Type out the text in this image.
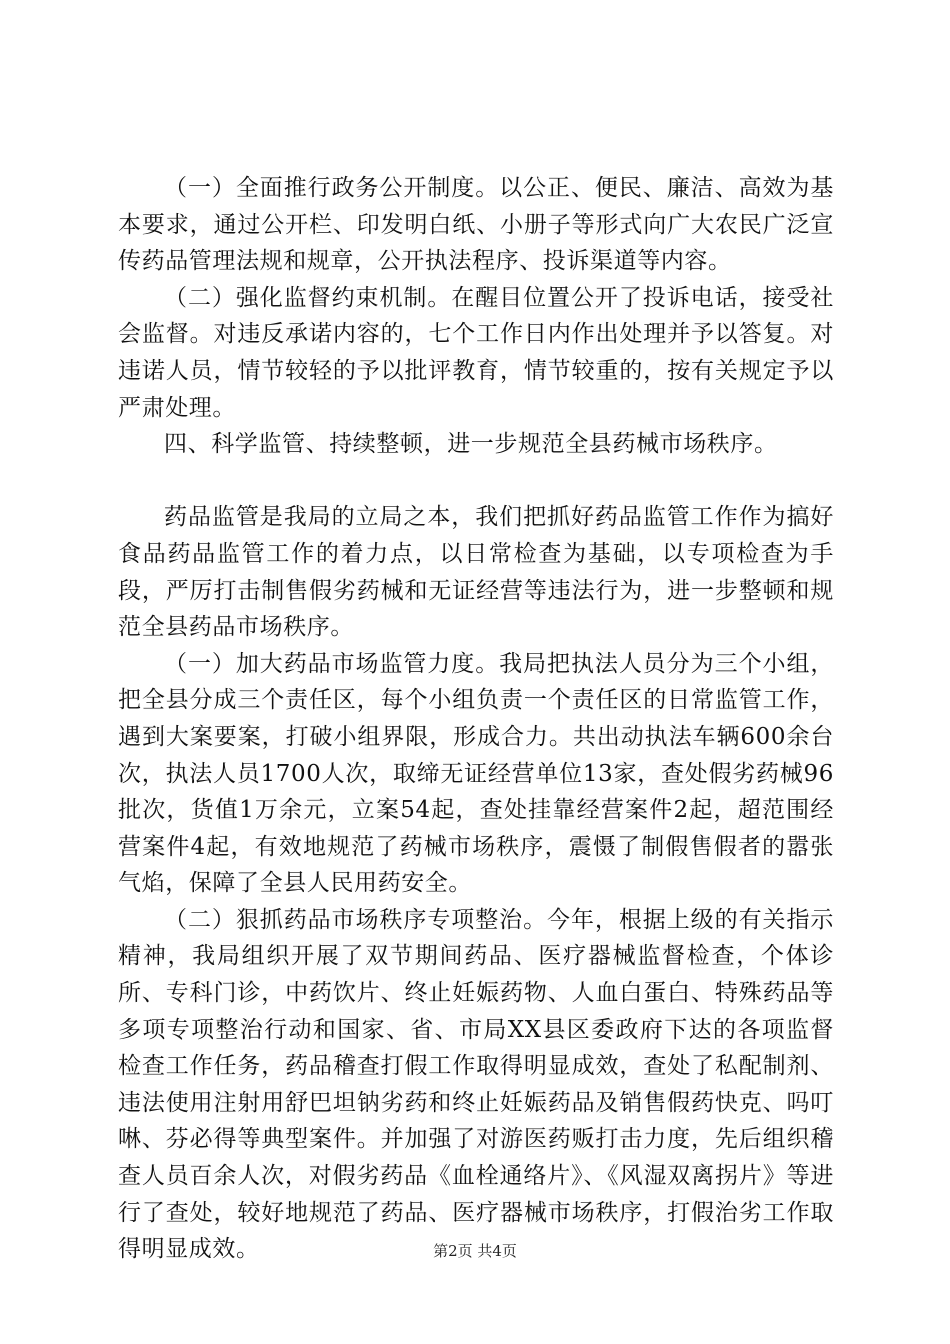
（一）全面推行政务公开制度。以公正、便民、廉洁、高效为基本要求，通过公开栏、印发明白纸、小册子等形式向广大农民广泛宣传药品管理法规和规章，公开执法程序、投诉渠道等内容。

（二）强化监督约束机制。在醒目位置公开了投诉电话，接受社会监督。对违反承诺内容的，七个工作日内作出处理并予以答复。对违诺人员，情节较轻的予以批评教育，情节较重的，按有关规定予以严肃处理。

四、科学监管、持续整顿，进一步规范全县药械市场秩序。

药品监管是我局的立局之本，我们把抓好药品监管工作作为搞好食品药品监管工作的着力点，以日常检查为基础，以专项检查为手段，严厉打击制售假劣药械和无证经营等违法行为，进一步整顿和规范全县药品市场秩序。

（一）加大药品市场监管力度。我局把执法人员分为三个小组，把全县分成三个责任区，每个小组负责一个责任区的日常监管工作，遇到大案要案，打破小组界限，形成合力。共出动执法车辆600余台次，执法人员1700人次，取缔无证经营单位13家，查处假劣药械96批次，货值1万余元，立案54起，查处挂靠经营案件2起，超范围经营案件4起，有效地规范了药械市场秩序，震慑了制假售假者的嚣张气焰，保障了全县人民用药安全。

（二）狠抓药品市场秩序专项整治。今年，根据上级的有关指示精神，我局组织开展了双节期间药品、医疗器械监督检查，个体诊所、专科门诊，中药饮片、终止妊娠药物、人血白蛋白、特殊药品等多项专项整治行动和国家、省、市局XX县区委政府下达的各项监督检查工作任务，药品稽查打假工作取得明显成效，查处了私配制剂、违法使用注射用舒巴坦钠劣药和终止妊娠药品及销售假药快克、吗叮啉、芬必得等典型案件。并加强了对游医药贩打击力度，先后组织稽查人员百余人次，对假劣药品《血栓通络片》、《风湿双离拐片》等进行了查处，较好地规范了药品、医疗器械市场秩序，打假治劣工作取得明显成效。	第2页 共4页
